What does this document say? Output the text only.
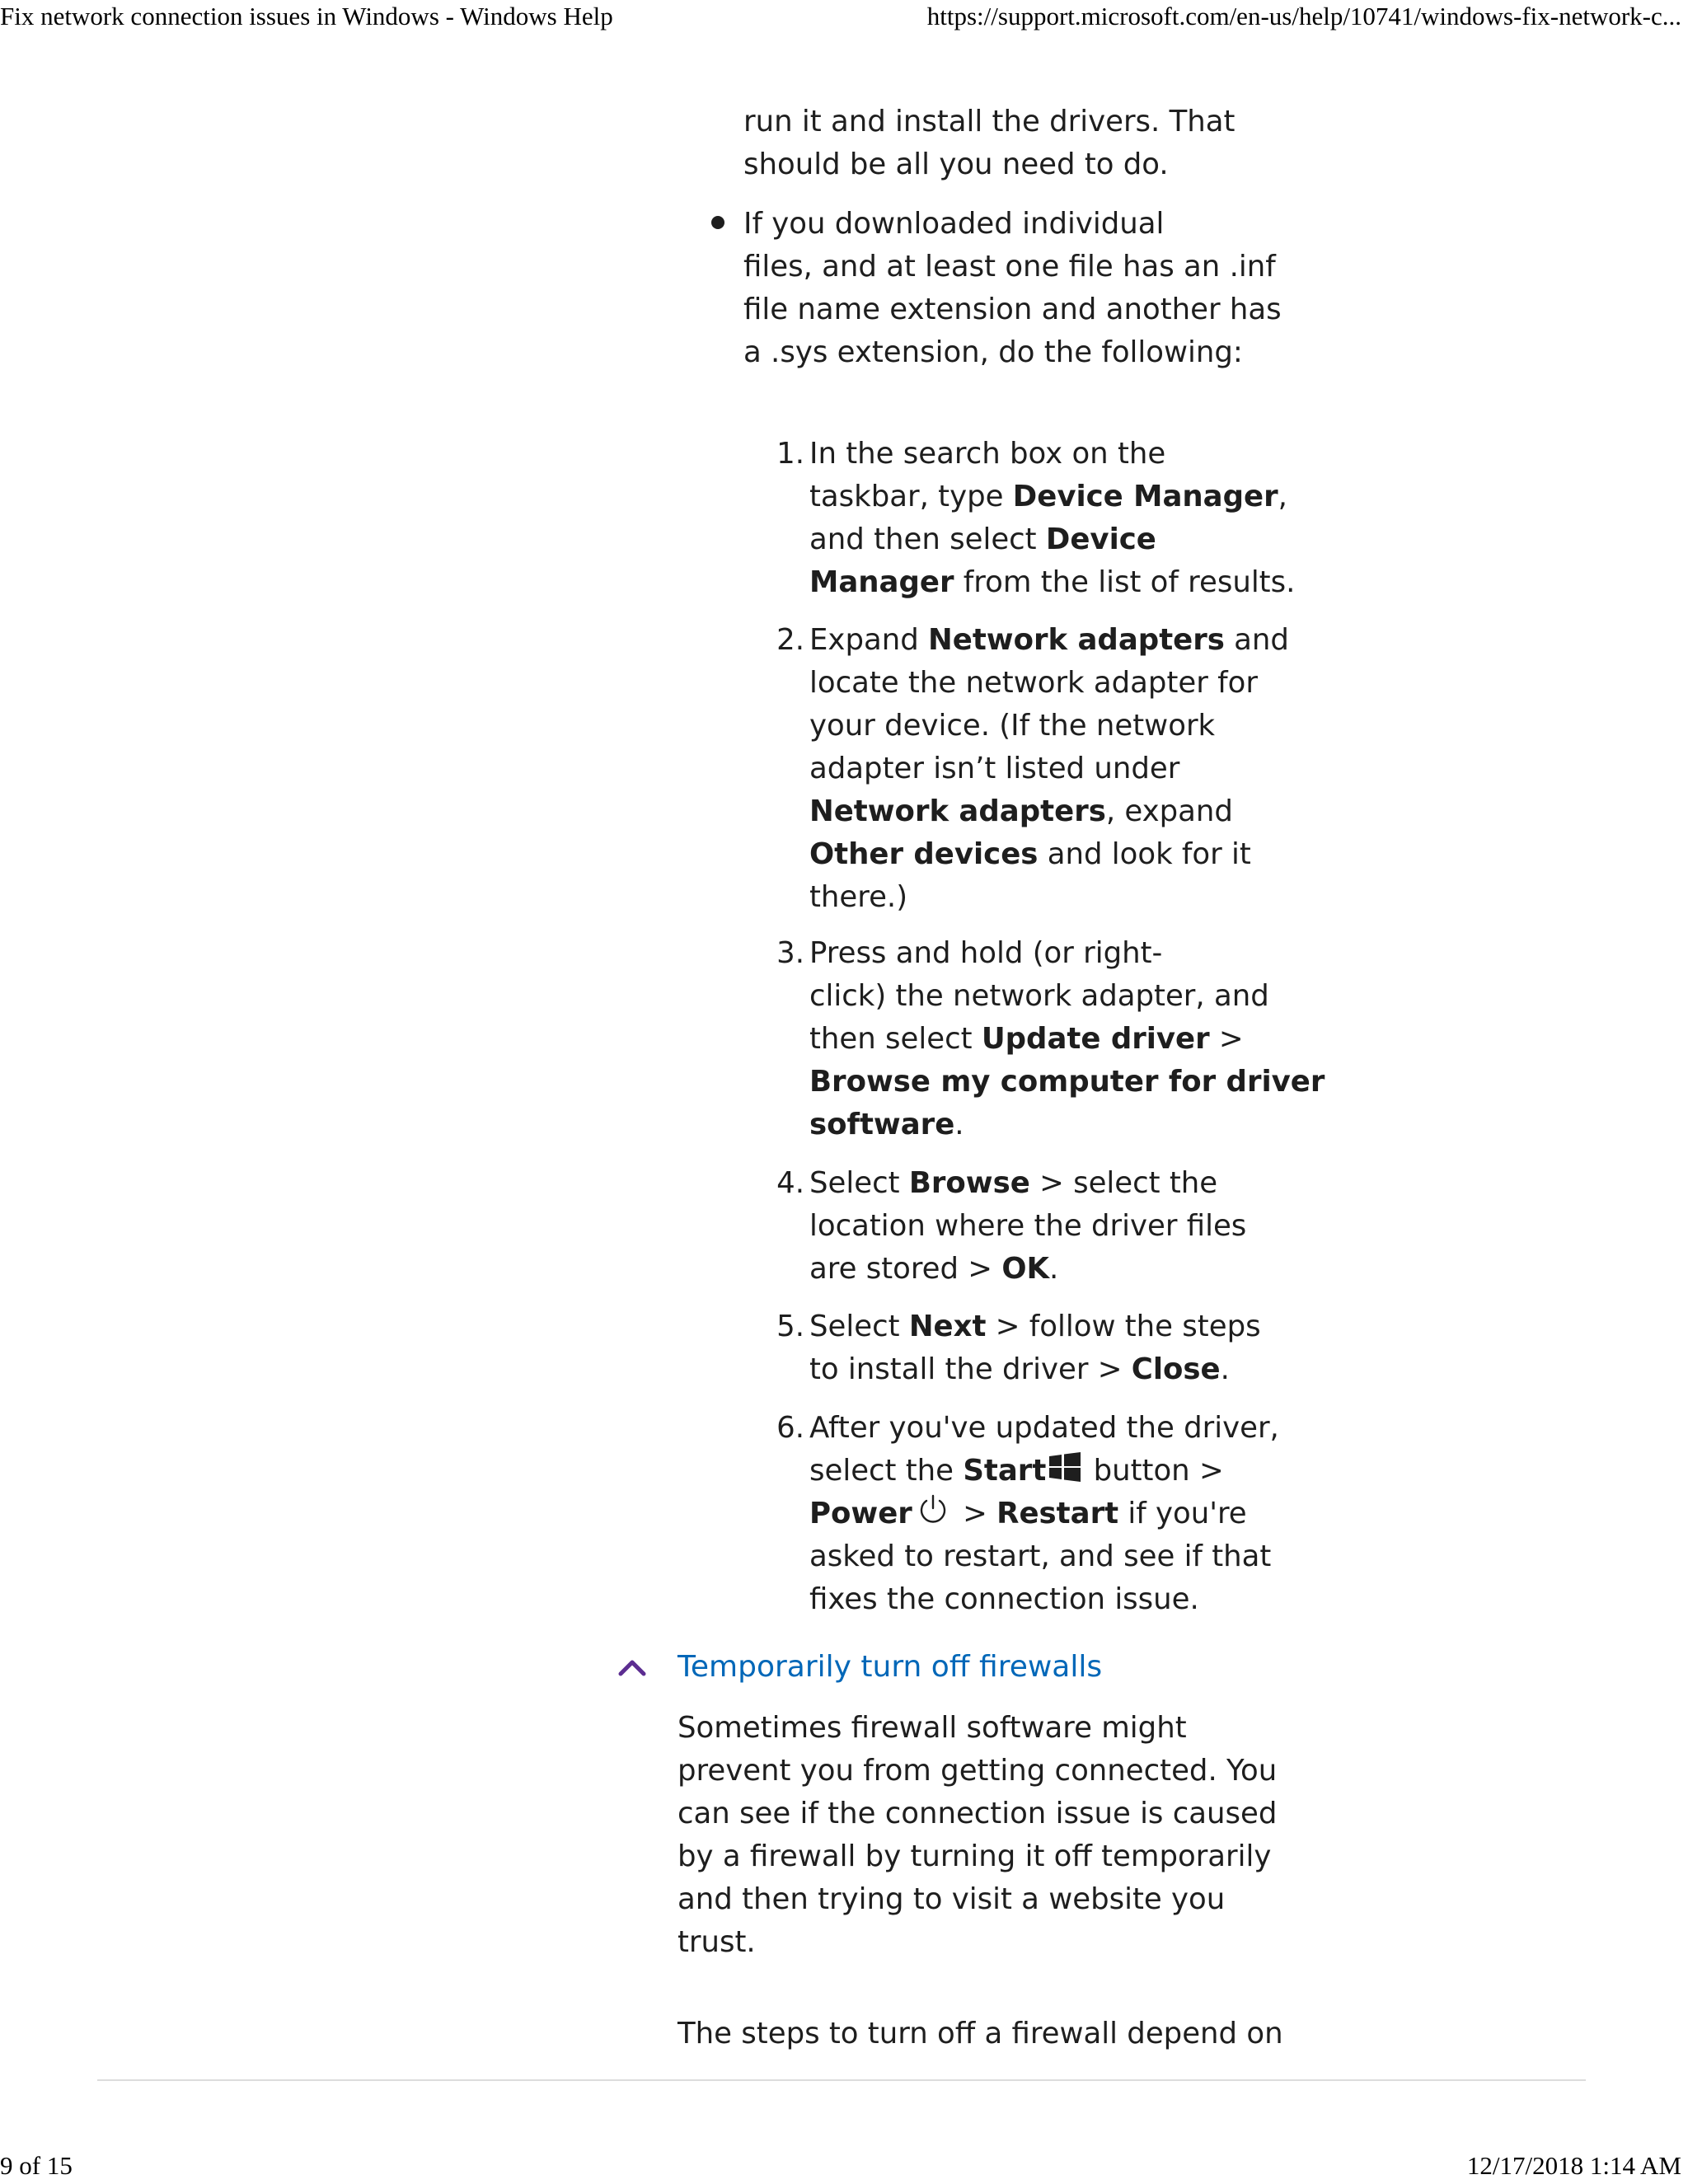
Fix network connection issues in Windows - Windows Help	https://support.microsoft.com/en-us/help/10741/windows-fix-network-c...
run it and install the drivers. That
should be all you need to do.
If you downloaded individual
files, and at least one file has an .inf
file name extension and another has
a .sys extension, do the following:
1. In the search box on the
taskbar, type Device Manager,
and then select Device
Manager from the list of results.
2. Expand Network adapters and
locate the network adapter for
your device. (If the network
adapter isn’t listed under
Network adapters, expand
Other devices and look for it
there.)
3. Press and hold (or right-
click) the network adapter, and
then select Update driver >
Browse my computer for driver
software.
4. Select Browse > select the
location where the driver files
are stored > OK.
5. Select Next > follow the steps
to install the driver > Close.
6. After you've updated the driver,
select the Start button >
Power > Restart if you're
asked to restart, and see if that
fixes the connection issue.
Temporarily turn off firewalls
Sometimes firewall software might
prevent you from getting connected. You
can see if the connection issue is caused
by a firewall by turning it off temporarily
and then trying to visit a website you
trust.
The steps to turn off a firewall depend on
9 of 15	12/17/2018 1:14 AM
